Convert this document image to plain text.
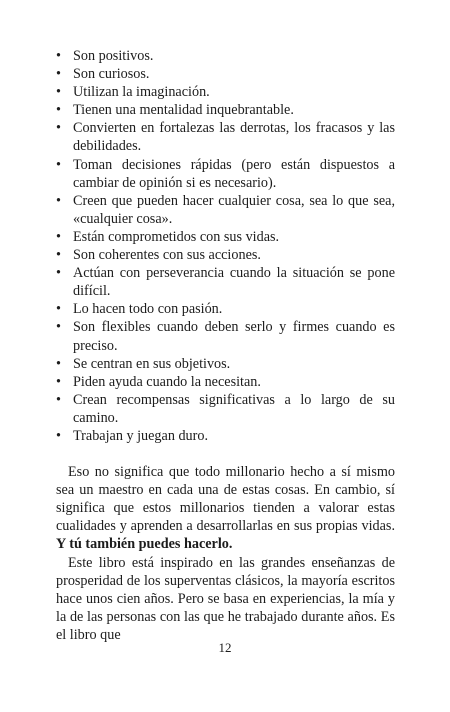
• Son positivos.
• Son curiosos.
• Utilizan la imaginación.
• Tienen una mentalidad inquebrantable.
• Convierten en fortalezas las derrotas, los fracasos y las debilidades.
• Toman decisiones rápidas (pero están dispuestos a cambiar de opinión si es necesario).
• Creen que pueden hacer cualquier cosa, sea lo que sea, «cualquier cosa».
• Están comprometidos con sus vidas.
• Son coherentes con sus acciones.
• Actúan con perseverancia cuando la situación se pone difícil.
• Lo hacen todo con pasión.
• Son flexibles cuando deben serlo y firmes cuando es preciso.
• Se centran en sus objetivos.
• Piden ayuda cuando la necesitan.
• Crean recompensas significativas a lo largo de su camino.
• Trabajan y juegan duro.

Eso no significa que todo millonario hecho a sí mismo sea un maestro en cada una de estas cosas. En cambio, sí significa que estos millonarios tienden a valorar estas cualidades y aprenden a desarrollarlas en sus propias vidas. Y tú también puedes hacerlo.

Este libro está inspirado en las grandes enseñanzas de prosperidad de los superventas clásicos, la mayoría escritos hace unos cien años. Pero se basa en experiencias, la mía y la de las personas con las que he trabajado durante años. Es el libro que

12
